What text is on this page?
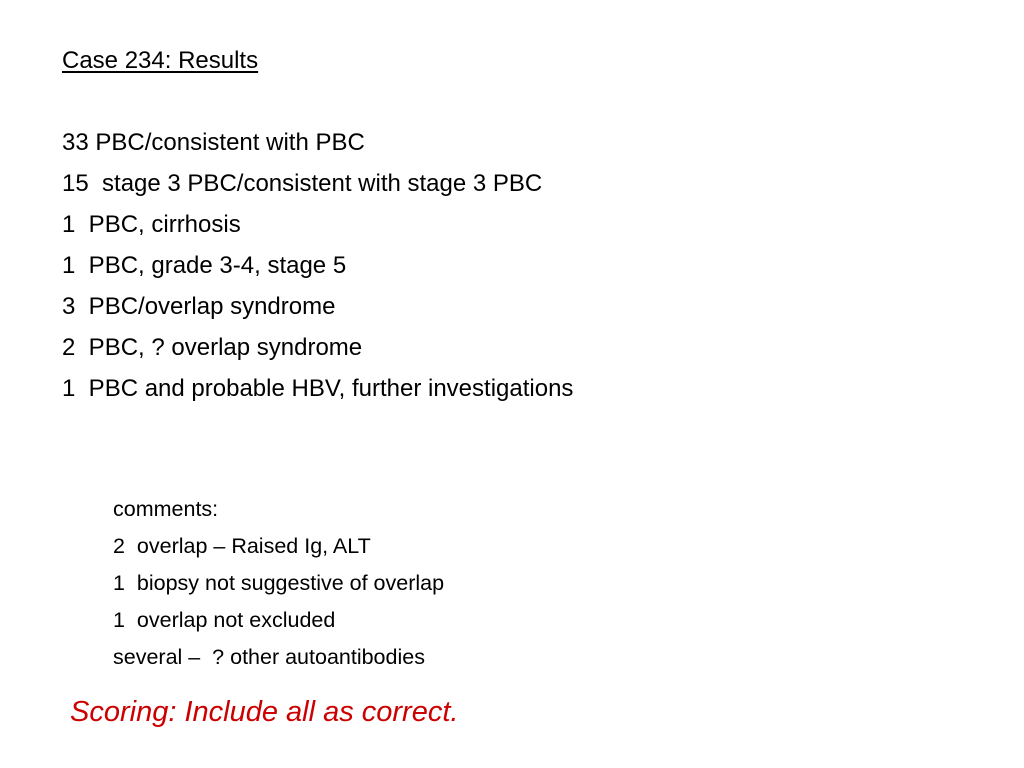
Case 234: Results
33 PBC/consistent with PBC
15  stage 3 PBC/consistent with stage 3 PBC
1  PBC, cirrhosis
1  PBC, grade 3-4, stage 5
3  PBC/overlap syndrome
2  PBC, ? overlap syndrome
1  PBC and probable HBV, further investigations
comments:
2  overlap – Raised Ig, ALT
1  biopsy not suggestive of overlap
1  overlap not excluded
several –  ? other autoantibodies
Scoring: Include all as correct.
